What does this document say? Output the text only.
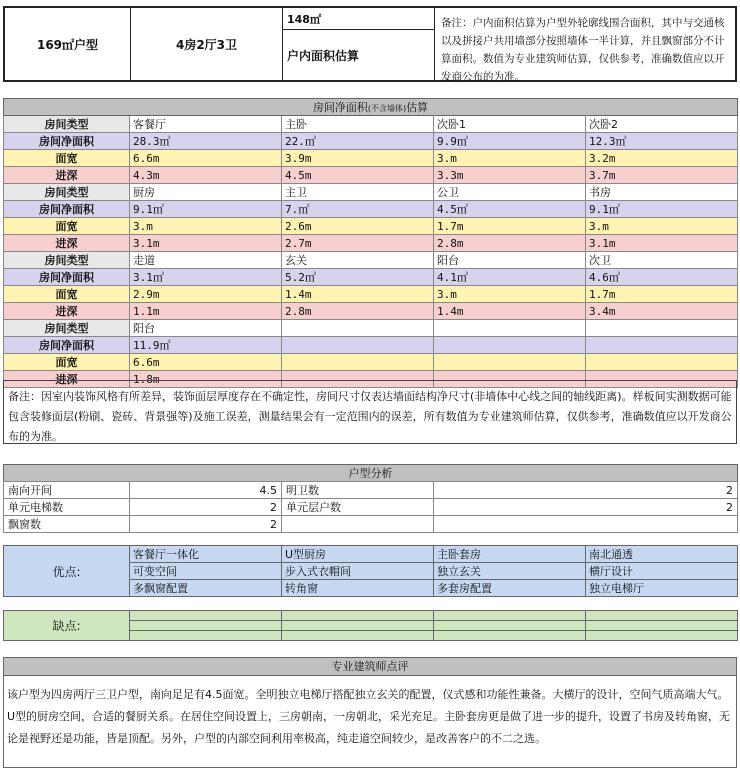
169㎡户型	4房2厅3卫
148㎡
户内面积估算
备注：户内面积估算为户型外轮廓线围合面积，其中与交通核以及拼接户共用墙部分按照墙体一半计算，并且飘窗部分不计算面积。数值为专业建筑师估算，仅供参考，准确数值应以开发商公布的为准。
房间净面积(不含墙体)估算				
房间类型	客餐厅	主卧	次卧1	次卧2
房间净面积	28.3㎡	22.㎡	9.9㎡	12.3㎡
面宽	6.6m	3.9m	3.m	3.2m
进深	4.3m	4.5m	3.3m	3.7m
房间类型	厨房	主卫	公卫	书房
房间净面积	9.1㎡	7.㎡	4.5㎡	9.1㎡
面宽	3.m	2.6m	1.7m	3.m
进深	3.1m	2.7m	2.8m	3.1m
房间类型	走道	玄关	阳台	次卫
房间净面积	3.1㎡	5.2㎡	4.1㎡	4.6㎡
面宽	2.9m	1.4m	3.m	1.7m
进深	1.1m	2.8m	1.4m	3.4m
房间类型	阳台			
房间净面积	11.9㎡			
面宽	6.6m			
进深	1.8m			
备注：因室内装饰风格有所差异，装饰面层厚度存在不确定性，房间尺寸仅表达墙面结构净尺寸(非墙体中心线之间的轴线距离)。样板间实测数据可能包含装修面层(粉刷、瓷砖、背景强等)及施工误差，测量结果会有一定范围内的误差，所有数值为专业建筑师估算，仅供参考，准确数值应以开发商公布的为准。
户型分析
南向开间	4.5	明卫数	2
单元电梯数	2	单元层户数	2
飘窗数	2		
优点:	客餐厅一体化	U型厨房	主卧套房	南北通透
	可变空间	步入式衣帽间	独立玄关	横厅设计
	多飘窗配置	转角窗	多套房配置	独立电梯厅
缺点:				

专业建筑师点评
该户型为四房两厅三卫户型，南向足足有4.5面宽。全明独立电梯厅搭配独立玄关的配置，仪式感和功能性兼备。大横厅的设计，空间气质高端大气。U型的厨房空间，合适的餐厨关系。在居住空间设置上，三房朝南，一房朝北，采光充足。主卧套房更是做了进一步的提升，设置了书房及转角窗，无论是视野还是功能，皆是顶配。另外，户型的内部空间利用率极高，纯走道空间较少，是改善客户的不二之选。
